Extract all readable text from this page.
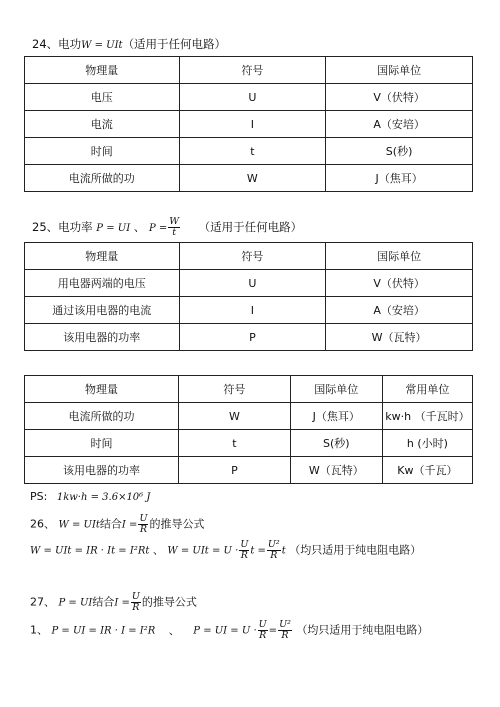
24、电功W = UIt（适用于任何电路）
物理量	符号	国际单位
电压	U	V（伏特）
电流	I	A（安培）
时间	t	S(秒)
电流所做的功	W	J（焦耳）
25、电功率 P = UI 、 $P = \frac{W}{t}$ （适用于任何电路）
物理量	符号	国际单位
用电器两端的电压	U	V（伏特）
通过该用电器的电流	I	A（安培）
该用电器的功率	P	W（瓦特）
物理量	符号	国际单位	常用单位
电流所做的功	W	J（焦耳）	kw·h （千瓦时）
时间	t	S(秒)	h (小时)
该用电器的功率	P	W（瓦特）	Kw（千瓦）
PS: 1kw·h = 3.6×10⁶ J
26、 W = UIt结合$I = \frac{U}{R}$ 的推导公式
W = UIt = IR · It = I²Rt 、 W = UIt = $U \cdot \frac{U}{R}$ $t = \frac{\text{U²}}{R}$ t （均只适用于纯电阻电路）
27、 P = UI结合$I = \frac{U}{R}$ 的推导公式
1、 P = UI = IR · I = I²R 、 P = UI = $U \cdot \frac{U}{R} = \frac{\text{U²}}{R}$ （均只适用于纯电阻电路）
